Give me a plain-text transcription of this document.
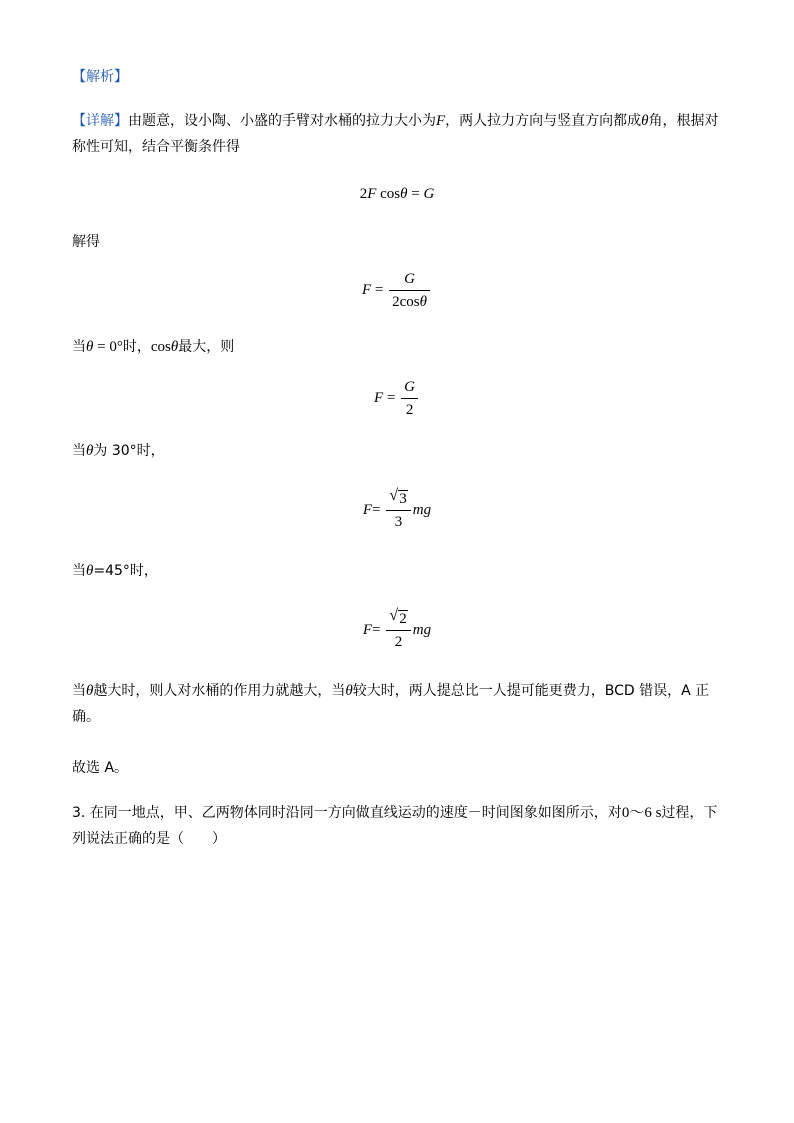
【解析】
【详解】由题意，设小陶、小盛的手臂对水桶的拉力大小为F，两人拉力方向与竖直方向都成θ角，根据对称性可知，结合平衡条件得
2F cosθ = G
解得
$F = \frac{G}{2\cos\theta}$
当θ = 0°时，cosθ最大，则
$F = \frac{G}{2}$
当θ为 30°时，
$F= \frac{√ 3}{3}$ mg
当θ=45°时，
$F= \frac{√ 2}{2}$ mg
当θ越大时，则人对水桶的作用力就越大，当θ较大时，两人提总比一人提可能更费力，BCD 错误，A 正确。
故选 A。
3. 在同一地点，甲、乙两物体同时沿同一方向做直线运动的速度－时间图象如图所示，对0～6 s过程，下列说法正确的是（　　）
